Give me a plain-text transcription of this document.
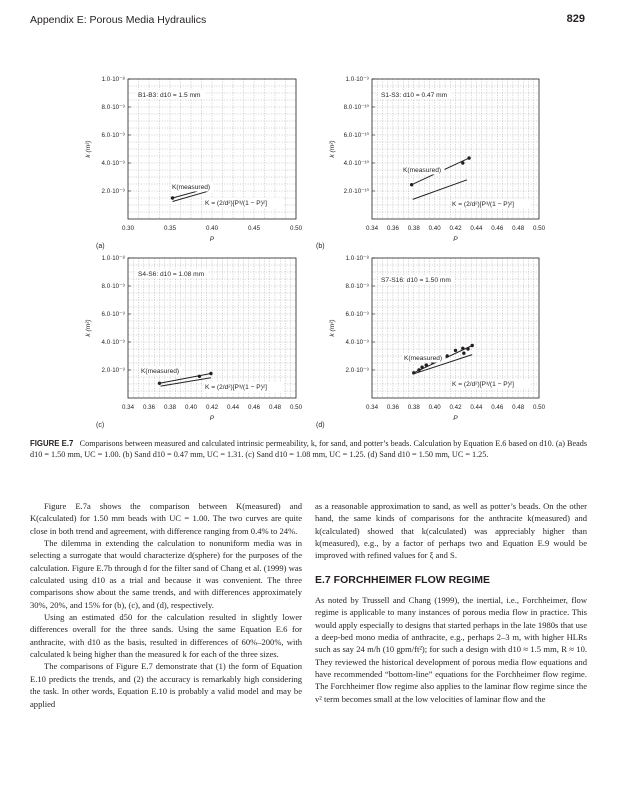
Appendix E: Porous Media Hydraulics	829
2.0·10⁻⁹
4.0·10⁻⁹
6.0·10⁻⁹
8.0·10⁻⁹
1.0·10⁻⁸
0.30	0.35	0.40	0.45	0.50
P
k (m²)
(a)
B1-B3: d10 = 1.5 mm
K(measured)
K = (2/d²)[P³/(1 − P)²]
2.0·10⁻¹⁰
4.0·10⁻¹⁰
6.0·10⁻¹⁰
8.0·10⁻¹⁰
1.0·10⁻⁹
0.34 0.36 0.38 0.40 0.42 0.44 0.46 0.48 0.50
P
k (m²)
(b)
S1-S3: d10 = 0.47 mm
K(measured)
K = (2/d²)[P³/(1 − P)²]
2.0·10⁻⁹
4.0·10⁻⁹
6.0·10⁻⁹
8.0·10⁻⁹
1.0·10⁻⁸
0.34 0.36 0.38 0.40 0.42 0.44 0.46 0.48 0.50
P
k (m²)
(c)
S4-S6: d10 = 1.08 mm
K(measured)
K = (2/d²)[P³/(1 − P)²]
2.0·10⁻⁹
4.0·10⁻⁹
6.0·10⁻⁹
8.0·10⁻⁹
1.0·10⁻⁸
0.34 0.36 0.38 0.40 0.42 0.44 0.46 0.48 0.50
P
k (m²)
(d)
S7-S16: d10 = 1.50 mm
K(measured)
K = (2/d²)[P³/(1 − P)²]
FIGURE E.7 Comparisons between measured and calculated intrinsic permeability, k, for sand, and potter’s beads. Calculation by Equation E.6 based on d10. (a) Beads d10 = 1.50 mm, UC = 1.00. (b) Sand d10 = 0.47 mm, UC = 1.31. (c) Sand d10 = 1.08 mm, UC = 1.25. (d) Sand d10 = 1.50 mm, UC = 1.25.

Figure E.7a shows the comparison between K(measured) and K(calculated) for 1.50 mm beads with UC = 1.00. The two curves are quite close in both trend and agreement, with difference ranging from 0.4% to 24%.

The dilemma in extending the calculation to nonuniform media was in selecting a surrogate that would characterize d(sphere) for the purposes of the calculation. Figure E.7b through d for the filter sand of Chang et al. (1999) was calculated using d10 as a trial and because it was convenient. The three comparisons show about the same trends, and with differences approximately 30%, 20%, and 15% for (b), (c), and (d), respectively.

Using an estimated d50 for the calculation resulted in slightly lower differences overall for the three sands. Using the same Equation E.6 for anthracite, with d10 as the basis, resulted in differences of 60%–200%, with calculated k being higher than the measured k for each of the three sizes.

The comparisons of Figure E.7 demonstrate that (1) the form of Equation E.10 predicts the trends, and (2) the accuracy is remarkably high considering the task. In other words, Equation E.10 is probably a valid model and may be applied

as a reasonable approximation to sand, as well as potter’s beads. On the other hand, the same kinds of comparisons for the anthracite k(measured) and k(calculated) showed that k(calculated) was appreciably higher than k(measured), e.g., by a factor of perhaps two and Equation E.9 would be improved with refined values for ξ and S.

E.7 FORCHHEIMER FLOW REGIME

As noted by Trussell and Chang (1999), the inertial, i.e., Forchheimer, flow regime is applicable to many instances of porous media flow in practice. This would apply especially to designs that started perhaps in the late 1980s that use a deep-bed mono media of anthracite, e.g., perhaps 2–3 m, with higher HLRs such as say 24 m/h (10 gpm/ft²); for such a design with d10 ≈ 1.5 mm, R ≈ 10. They reviewed the historical development of porous media flow equations and have recommended “bottom-line” equations for the Forchheimer flow regime. The Forchheimer flow regime also applies to the laminar flow regime since the v² term becomes small at the low velocities of laminar flow and the
